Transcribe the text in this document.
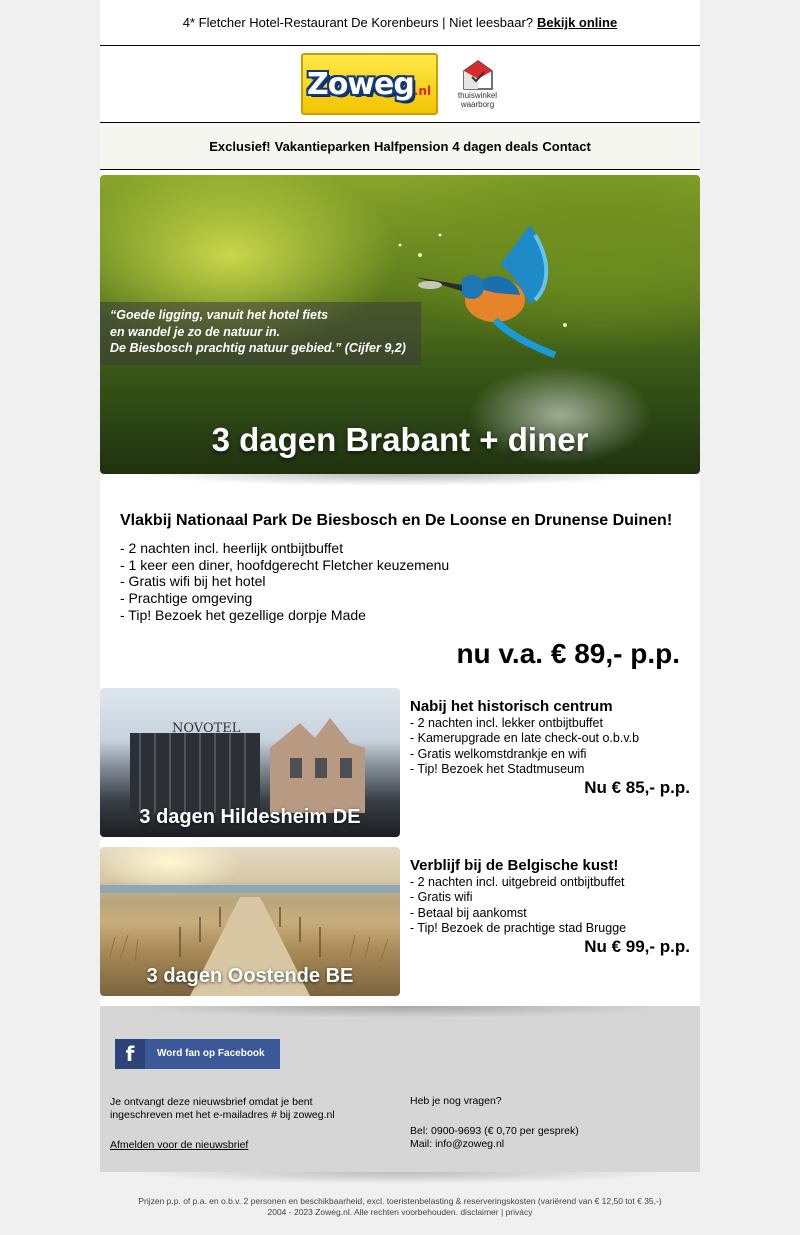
4* Fletcher Hotel-Restaurant De Korenbeurs | Niet leesbaar? Bekijk online
Zoweg .nl	thuiswinkel
waarborg
Exclusief! Vakantieparken Halfpension 4 dagen deals Contact
“Goede ligging, vanuit het hotel fiets
en wandel je zo de natuur in.
De Biesbosch prachtig natuur gebied.” (Cijfer 9,2)
3 dagen Brabant + diner
Vlakbij Nationaal Park De Biesbosch en De Loonse en Drunense Duinen!
- 2 nachten incl. heerlijk ontbijtbuffet
- 1 keer een diner, hoofdgerecht Fletcher keuzemenu
- Gratis wifi bij het hotel
- Prachtige omgeving
- Tip! Bezoek het gezellige dorpje Made
nu v.a. € 89,- p.p.
NOVOTEL
3 dagen Hildesheim DE
Nabij het historisch centrum
- 2 nachten incl. lekker ontbijtbuffet
- Kamerupgrade en late check-out o.b.v.b
- Gratis welkomstdrankje en wifi
- Tip! Bezoek het Stadtmuseum
Nu € 85,- p.p.
3 dagen Oostende BE
Verblijf bij de Belgische kust!
- 2 nachten incl. uitgebreid ontbijtbuffet
- Gratis wifi
- Betaal bij aankomst
- Tip! Bezoek de prachtige stad Brugge
Nu € 99,- p.p.
f	Word fan op Facebook
Je ontvangt deze nieuwsbrief omdat je bent
ingeschreven met het e-mailadres # bij zoweg.nl
Afmelden voor de nieuwsbrief
Heb je nog vragen?
Bel: 0900-9693 (€ 0,70 per gesprek)
Mail: info@zoweg.nl
Prijzen p.p. of p.a. en o.b.v. 2 personen en beschikbaarheid, excl. toeristenbelasting & reserveringskosten (variërend van € 12,50 tot € 35,-)
2004 - 2023 Zoweg.nl. Alle rechten voorbehouden. disclaimer | privacy
